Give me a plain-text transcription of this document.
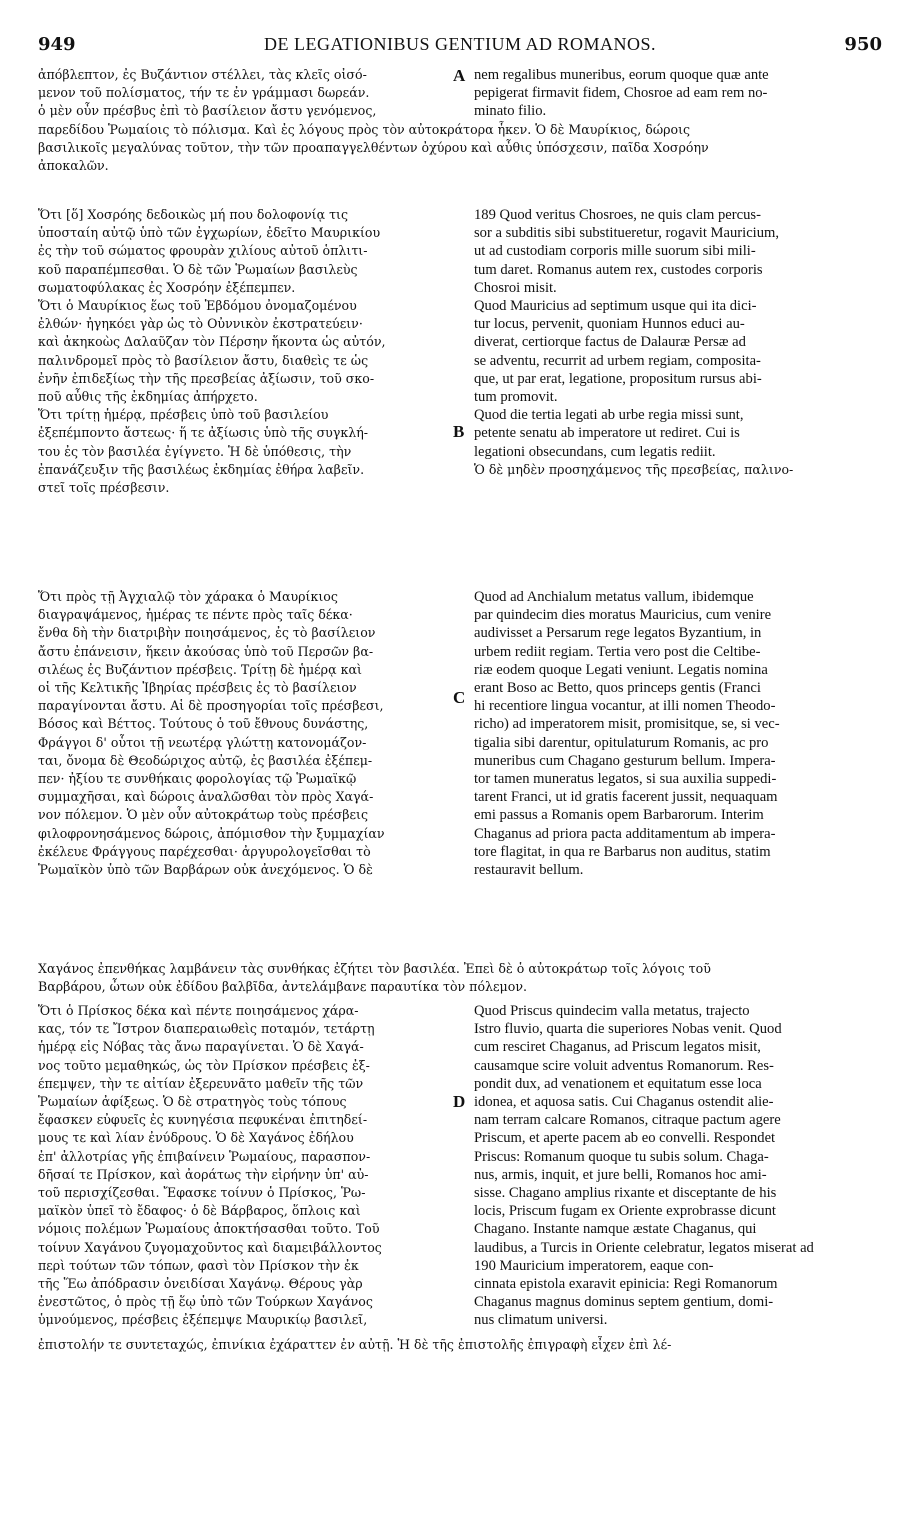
949	DE LEGATIONIBUS GENTIUM AD ROMANOS.	950
A
B
C
D
ἀπόβλεπτον, ἐς Βυζάντιον στέλλει, τὰς κλεῖς οἰσό-
μενον τοῦ πολίσματος, τήν τε ἐν γράμμασι δωρεάν.
ὁ μὲν οὖν πρέσβυς ἐπὶ τὸ βασίλειον ἄστυ γενόμενος,
nem regalibus muneribus, eorum quoque quæ ante
pepigerat firmavit fidem, Chosroe ad eam rem no-
minato filio.
παρεδίδου Ῥωμαίοις τὸ πόλισμα. Καὶ ἐς λόγους πρὸς τὸν αὐτοκράτορα ἧκεν. Ὁ δὲ Μαυρίκιος, δώροις
βασιλικοῖς μεγαλύνας τοῦτον, τὴν τῶν προαπαγγελθέντων ὀχύρου καὶ αὖθις ὑπόσχεσιν, παῖδα Χοσρόην
ἀποκαλῶν.
Ὅτι [ὅ] Χοσρόης δεδοικὼς μή που δολοφονίᾳ τις
ὑποσταίη αὐτῷ ὑπὸ τῶν ἐγχωρίων, ἐδεῖτο Μαυρικίου
ἐς τὴν τοῦ σώματος φρουρὰν χιλίους αὐτοῦ ὁπλιτι-
κοῦ παραπέμπεσθαι. Ὁ δὲ τῶν Ῥωμαίων βασιλεὺς
σωματοφύλακας ἐς Χοσρόην ἐξέπεμπεν.
Ὅτι ὁ Μαυρίκιος ἕως τοῦ Ἑβδόμου ὀνομαζομένου
ἐλθών· ἠγηκόει γὰρ ὡς τὸ Οὐννικὸν ἐκστρατεύειν·
καὶ ἀκηκοὼς Δαλαῦζαν τὸν Πέρσην ἥκοντα ὡς αὐτόν,
παλινδρομεῖ πρὸς τὸ βασίλειον ἄστυ, διαθεὶς τε ὡς
ἐνῆν ἐπιδεξίως τὴν τῆς πρεσβείας ἀξίωσιν, τοῦ σκο-
ποῦ αὖθις τῆς ἐκδημίας ἀπήρχετο.
Ὅτι τρίτῃ ἡμέρᾳ, πρέσβεις ὑπὸ τοῦ βασιλείου
ἐξεπέμποντο ἄστεως· ἥ τε ἀξίωσις ὑπὸ τῆς συγκλή-
του ἐς τὸν βασιλέα ἐγίγνετο. Ἡ δὲ ὑπόθεσις, τὴν
ἐπανάζευξιν τῆς βασιλέως ἐκδημίας ἐθήρα λαβεῖν.
στεῖ τοῖς πρέσβεσιν.
189 Quod veritus Chosroes, ne quis clam percus-
sor a subditis sibi substitueretur, rogavit Mauricium,
ut ad custodiam corporis mille suorum sibi mili-
tum daret. Romanus autem rex, custodes corporis
Chosroi misit.
Quod Mauricius ad septimum usque qui ita dici-
tur locus, pervenit, quoniam Hunnos educi au-
diverat, certiorque factus de Dalauræ Persæ ad
se adventu, recurrit ad urbem regiam, composita-
que, ut par erat, legatione, propositum rursus abi-
tum promovit.
Quod die tertia legati ab urbe regia missi sunt,
petente senatu ab imperatore ut rediret. Cui is
legationi obsecundans, cum legatis rediit.
Ὁ δὲ μηδὲν προσηχάμενος τῆς πρεσβείας, παλινο-
Ὅτι πρὸς τῇ Ἀγχιαλῷ τὸν χάρακα ὁ Μαυρίκιος
διαγραψάμενος, ἡμέρας τε πέντε πρὸς ταῖς δέκα·
ἔνθα δὴ τὴν διατριβὴν ποιησάμενος, ἐς τὸ βασίλειον
ἄστυ ἐπάνεισιν, ἥκειν ἀκούσας ὑπὸ τοῦ Περσῶν βα-
σιλέως ἐς Βυζάντιον πρέσβεις. Τρίτῃ δὲ ἡμέρᾳ καὶ
οἱ τῆς Κελτικῆς Ἰβηρίας πρέσβεις ἐς τὸ βασίλειον
παραγίνονται ἄστυ. Αἱ δὲ προσηγορίαι τοῖς πρέσβεσι,
Βόσος καὶ Βέττος. Τούτους ὁ τοῦ ἔθνους δυνάστης,
Φράγγοι δ' οὗτοι τῇ νεωτέρᾳ γλώττῃ κατονομάζον-
ται, ὄνομα δὲ Θεοδώριχος αὐτῷ, ἐς βασιλέα ἐξέπεμ-
πεν· ἠξίου τε συνθήκαις φορολογίας τῷ Ῥωμαϊκῷ
συμμαχῆσαι, καὶ δώροις ἀναλῶσθαι τὸν πρὸς Χαγά-
νον πόλεμον. Ὁ μὲν οὖν αὐτοκράτωρ τοὺς πρέσβεις
φιλοφρονησάμενος δώροις, ἀπόμισθον τὴν ξυμμαχίαν
ἐκέλευε Φράγγους παρέχεσθαι· ἀργυρολογεῖσθαι τὸ
Ῥωμαϊκὸν ὑπὸ τῶν Βαρβάρων οὐκ ἀνεχόμενος. Ὁ δὲ
Quod ad Anchialum metatus vallum, ibidemque
par quindecim dies moratus Mauricius, cum venire
audivisset a Persarum rege legatos Byzantium, in
urbem rediit regiam. Tertia vero post die Celtibe-
riæ eodem quoque Legati veniunt. Legatis nomina
erant Boso ac Betto, quos princeps gentis (Franci
hi recentiore lingua vocantur, at illi nomen Theodo-
richo) ad imperatorem misit, promisitque, se, si vec-
tigalia sibi darentur, opitulaturum Romanis, ac pro
muneribus cum Chagano gesturum bellum. Impera-
tor tamen muneratus legatos, si sua auxilia suppedi-
tarent Franci, ut id gratis facerent jussit, nequaquam
emi passus a Romanis opem Barbarorum. Interim
Chaganus ad priora pacta additamentum ab impera-
tore flagitat, in qua re Barbarus non auditus, statim
restauravit bellum.
Χαγάνος ἐπενθήκας λαμβάνειν τὰς συνθήκας ἐζήτει τὸν βασιλέα. Ἐπεὶ δὲ ὁ αὐτοκράτωρ τοῖς λόγοις τοῦ
Βαρβάρου, ὦτων οὐκ ἐδίδου βαλβῖδα, ἀντελάμβανε παραυτίκα τὸν πόλεμον.
Ὅτι ὁ Πρίσκος δέκα καὶ πέντε ποιησάμενος χάρα-
κας, τόν τε Ἴστρον διαπεραιωθεὶς ποταμόν, τετάρτῃ
ἡμέρᾳ εἰς Νόβας τὰς ἄνω παραγίνεται. Ὁ δὲ Χαγά-
νος τοῦτο μεμαθηκώς, ὡς τὸν Πρίσκον πρέσβεις ἐξ-
έπεμψεν, τὴν τε αἰτίαν ἐξερευνᾶτο μαθεῖν τῆς τῶν
Ῥωμαίων ἀφίξεως. Ὁ δὲ στρατηγὸς τοὺς τόπους
ἔφασκεν εὐφυεῖς ἐς κυνηγέσια πεφυκέναι ἐπιτηδεί-
μους τε καὶ λίαν ἐνύδρους. Ὁ δὲ Χαγάνος ἐδήλου
ἐπ' ἀλλοτρίας γῆς ἐπιβαίνειν Ῥωμαίους, παρασπον-
δῆσαί τε Πρίσκον, καὶ ἀοράτως τὴν εἰρήνην ὑπ' αὐ-
τοῦ περισχίζεσθαι. Ἔφασκε τοίνυν ὁ Πρίσκος, Ῥω-
μαϊκὸν ὑπεῖ τὸ ἔδαφος· ὁ δὲ Βάρβαρος, ὅπλοις καὶ
νόμοις πολέμων Ῥωμαίους ἀποκτήσασθαι τοῦτο. Τοῦ
τοίνυν Χαγάνου ζυγομαχοῦντος καὶ διαμειβάλλοντος
περὶ τούτων τῶν τόπων, φασὶ τὸν Πρίσκον τὴν ἐκ
τῆς Ἕω ἀπόδρασιν ὀνειδίσαι Χαγάνῳ. Θέρους γὰρ
ἐνεστῶτος, ὁ πρὸς τῇ ἕῳ ὑπὸ τῶν Τούρκων Χαγάνος
ὑμνούμενος, πρέσβεις ἐξέπεμψε Μαυρικίῳ βασιλεῖ,
Quod Priscus quindecim valla metatus, trajecto
Istro fluvio, quarta die superiores Nobas venit. Quod
cum resciret Chaganus, ad Priscum legatos misit,
causamque scire voluit adventus Romanorum. Res-
pondit dux, ad venationem et equitatum esse loca
idonea, et aquosa satis. Cui Chaganus ostendit alie-
nam terram calcare Romanos, citraque pactum agere
Priscum, et aperte pacem ab eo convelli. Respondet
Priscus: Romanum quoque tu subis solum. Chaga-
nus, armis, inquit, et jure belli, Romanos hoc ami-
sisse. Chagano amplius rixante et disceptante de his
locis, Priscum fugam ex Oriente exprobrasse dicunt
Chagano. Instante namque æstate Chaganus, qui
laudibus, a Turcis in Oriente celebratur, legatos miserat ad
190 Mauricium imperatorem, eaque con-
cinnata epistola exaravit epinicia: Regi Romanorum
Chaganus magnus dominus septem gentium, domi-
nus climatum universi.
ἐπιστολήν τε συντεταχώς, ἐπινίκια ἐχάραττεν ἐν αὐτῇ. Ἡ δὲ τῆς ἐπιστολῆς ἐπιγραφὴ εἶχεν ἐπὶ λέ-
